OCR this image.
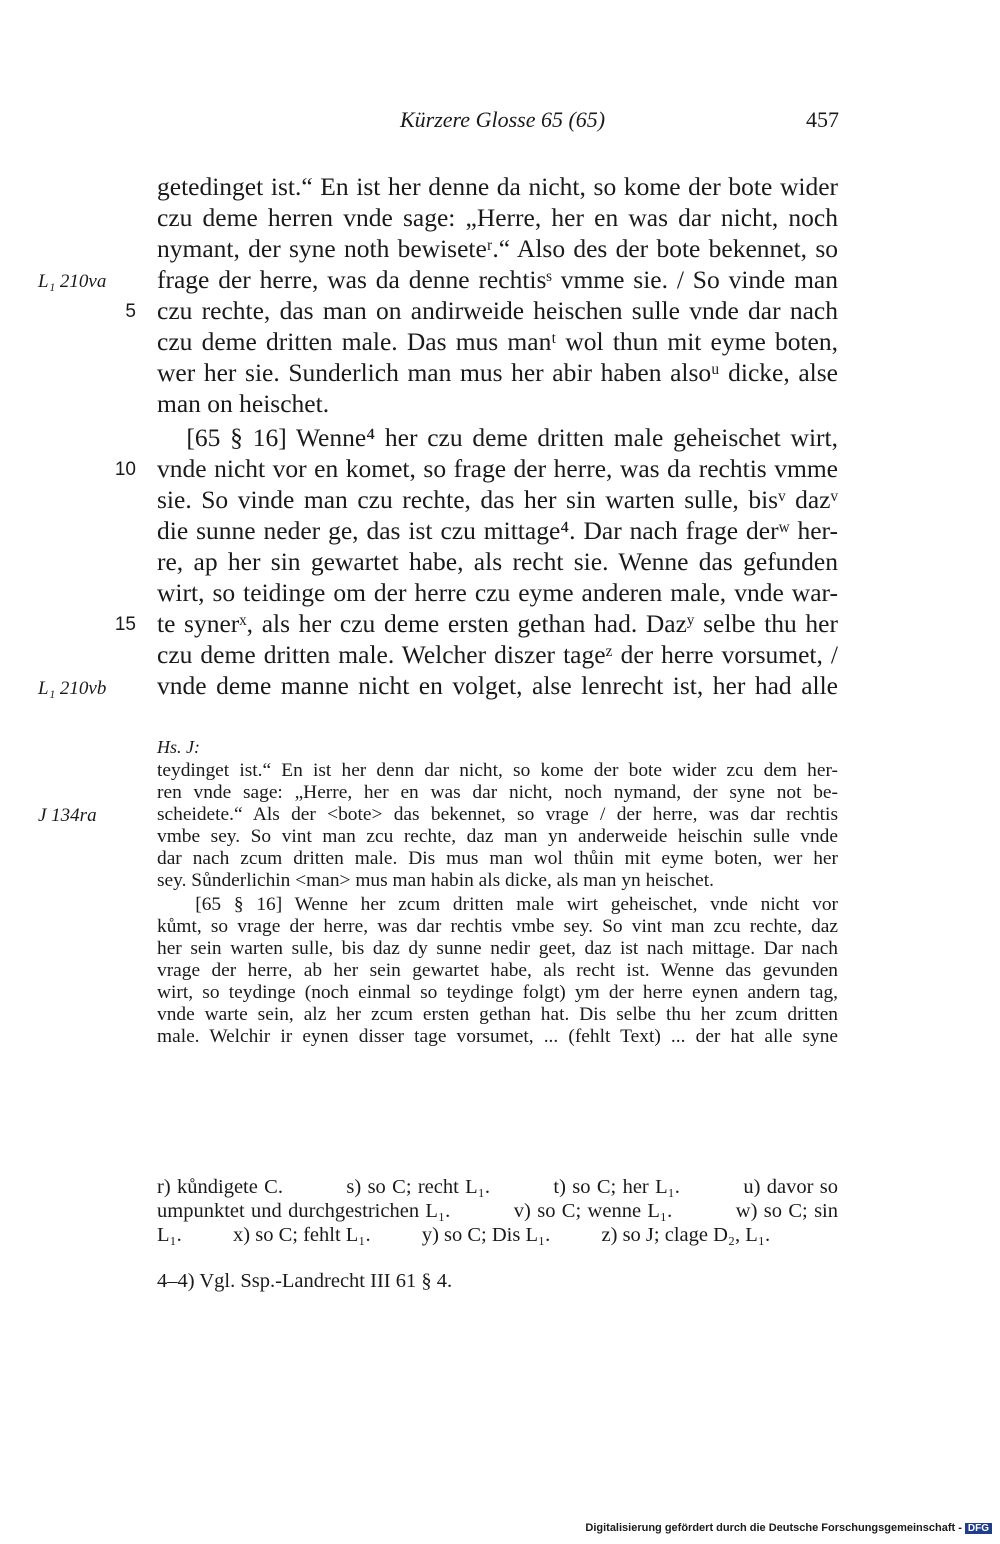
Kürzere Glosse 65 (65)	457
getedinget ist.“ En ist her denne da nicht, so kome der bote wider
czu deme herren vnde sage: „Herre, her en was dar nicht, noch
nymant, der syne noth bewiseteʳ.“ Also des der bote bekennet, so
frage der herre, was da denne rechtisˢ vmme sie. / So vinde man
czu rechte, das man on andirweide heischen sulle vnde dar nach
czu deme dritten male. Das mus manᵗ wol thun mit eyme boten,
wer her sie. Sunderlich man mus her abir haben alsoᵘ dicke, alse
man on heischet.
[65 § 16] Wenne⁴ her czu deme dritten male geheischet wirt,
vnde nicht vor en komet, so frage der herre, was da rechtis vmme
sie. So vinde man czu rechte, das her sin warten sulle, bisᵛ dazᵛ
die sunne neder ge, das ist czu mittage⁴. Dar nach frage derʷ her-
re, ap her sin gewartet habe, als recht sie. Wenne das gefunden
wirt, so teidinge om der herre czu eyme anderen male, vnde war-
te synerˣ, als her czu deme ersten gethan had. Dazʸ selbe thu her
czu deme dritten male. Welcher diszer tageᶻ der herre vorsumet, /
vnde deme manne nicht en volget, alse lenrecht ist, her had alle
5
10
15
L₁ 210va
L₁ 210vb
Hs. J:
J 134ra
teydinget ist.“ En ist her denn dar nicht, so kome der bote wider zcu dem her-
ren vnde sage: „Herre, her en was dar nicht, noch nymand, der syne not be-
scheidete.“ Als der <bote> das bekennet, so vrage / der herre, was dar rechtis
vmbe sey. So vint man zcu rechte, daz man yn anderweide heischin sulle vnde
dar nach zcum dritten male. Dis mus man wol thůin mit eyme boten, wer her
sey. Sůnderlichin <man> mus man habin als dicke, als man yn heischet.
[65 § 16] Wenne her zcum dritten male wirt geheischet, vnde nicht vor
kůmt, so vrage der herre, was dar rechtis vmbe sey. So vint man zcu rechte, daz
her sein warten sulle, bis daz dy sunne nedir geet, daz ist nach mittage. Dar nach
vrage der herre, ab her sein gewartet habe, als recht ist. Wenne das gevunden
wirt, so teydinge (noch einmal so teydinge folgt) ym der herre eynen andern tag,
vnde warte sein, alz her zcum ersten gethan hat. Dis selbe thu her zcum dritten
male. Welchir ir eynen disser tage vorsumet, ... (fehlt Text) ... der hat alle syne
r) kůndigete C.          s) so C; recht L₁.          t) so C; her L₁.          u) davor so
umpunktet und durchgestrichen L₁.          v) so C; wenne L₁.          w) so C; sin
L₁.          x) so C; fehlt L₁.          y) so C; Dis L₁.          z) so J; clage D₂, L₁.
4–4) Vgl. Ssp.-Landrecht III 61 § 4.
Digitalisierung gefördert durch die Deutsche Forschungsgemeinschaft - DFG
